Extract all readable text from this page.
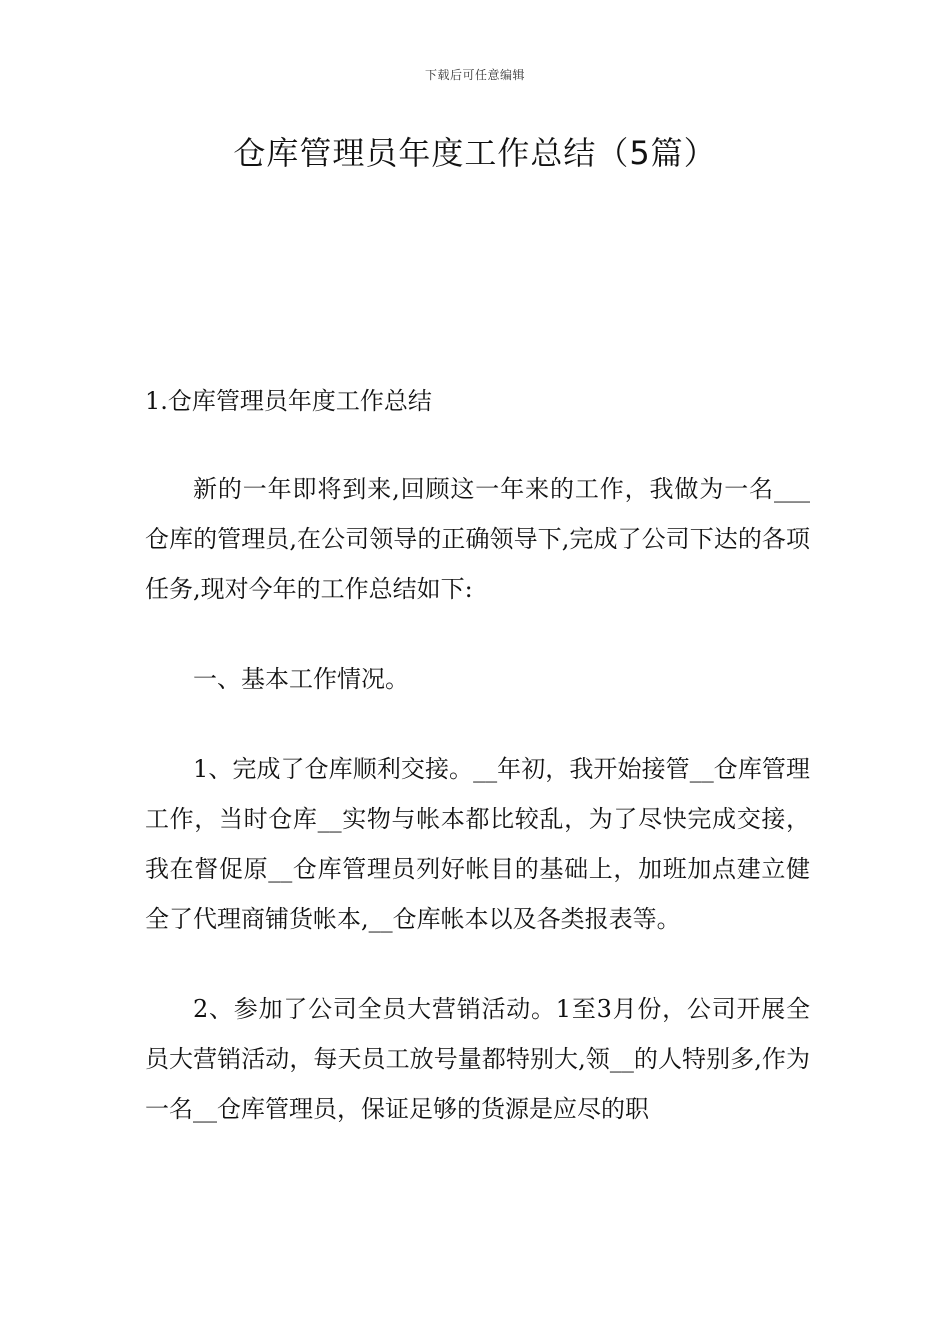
下载后可任意编辑
仓库管理员年度工作总结（5篇）
1.仓库管理员年度工作总结

新的一年即将到来,回顾这一年来的工作，我做为一名___仓库的管理员,在公司领导的正确领导下,完成了公司下达的各项任务,现对今年的工作总结如下:

一、基本工作情况。

1、完成了仓库顺利交接。__年初，我开始接管__仓库管理工作，当时仓库__实物与帐本都比较乱，为了尽快完成交接，我在督促原__仓库管理员列好帐目的基础上，加班加点建立健全了代理商铺货帐本,__仓库帐本以及各类报表等。

2、参加了公司全员大营销活动。1至3月份，公司开展全员大营销活动，每天员工放号量都特别大,领__的人特别多,作为一名__仓库管理员，保证足够的货源是应尽的职
